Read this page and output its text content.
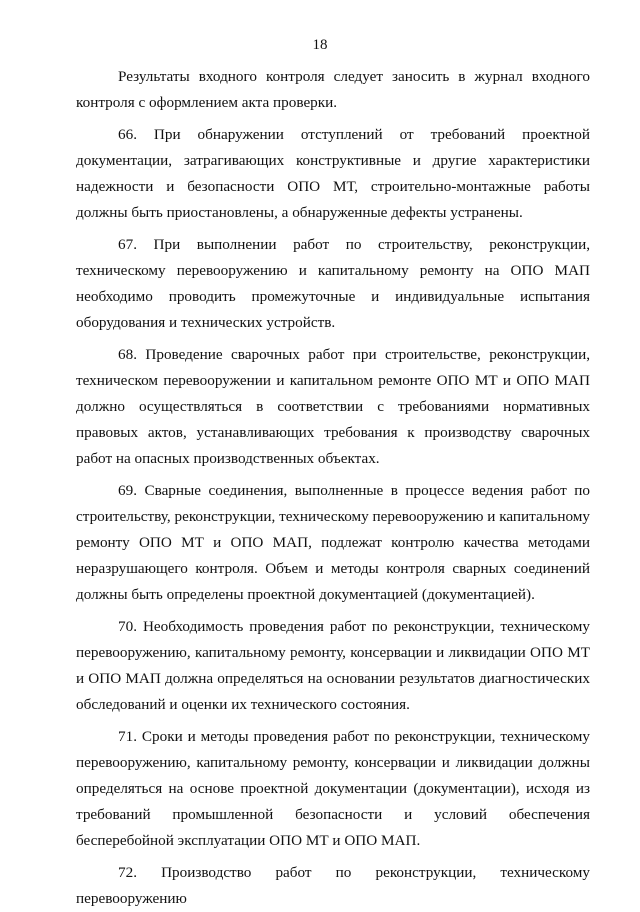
18

Результаты входного контроля следует заносить в журнал входного контроля с оформлением акта проверки.

66. При обнаружении отступлений от требований проектной документации, затрагивающих конструктивные и другие характеристики надежности и безопасности ОПО МТ, строительно-монтажные работы должны быть приостановлены, а обнаруженные дефекты устранены.

67. При выполнении работ по строительству, реконструкции, техническому перевооружению и капитальному ремонту на ОПО МАП необходимо проводить промежуточные и индивидуальные испытания оборудования и технических устройств.

68. Проведение сварочных работ при строительстве, реконструкции, техническом перевооружении и капитальном ремонте ОПО МТ и ОПО МАП должно осуществляться в соответствии с требованиями нормативных правовых актов, устанавливающих требования к производству сварочных работ на опасных производственных объектах.

69. Сварные соединения, выполненные в процессе ведения работ по строительству, реконструкции, техническому перевооружению и капитальному ремонту ОПО МТ и ОПО МАП, подлежат контролю качества методами неразрушающего контроля. Объем и методы контроля сварных соединений должны быть определены проектной документацией (документацией).

70. Необходимость проведения работ по реконструкции, техническому перевооружению, капитальному ремонту, консервации и ликвидации ОПО МТ и ОПО МАП должна определяться на основании результатов диагностических обследований и оценки их технического состояния.

71. Сроки и методы проведения работ по реконструкции, техническому перевооружению, капитальному ремонту, консервации и ликвидации должны определяться на основе проектной документации (документации), исходя из требований промышленной безопасности и условий обеспечения бесперебойной эксплуатации ОПО МТ и ОПО МАП.

72. Производство работ по реконструкции, техническому перевооружению
